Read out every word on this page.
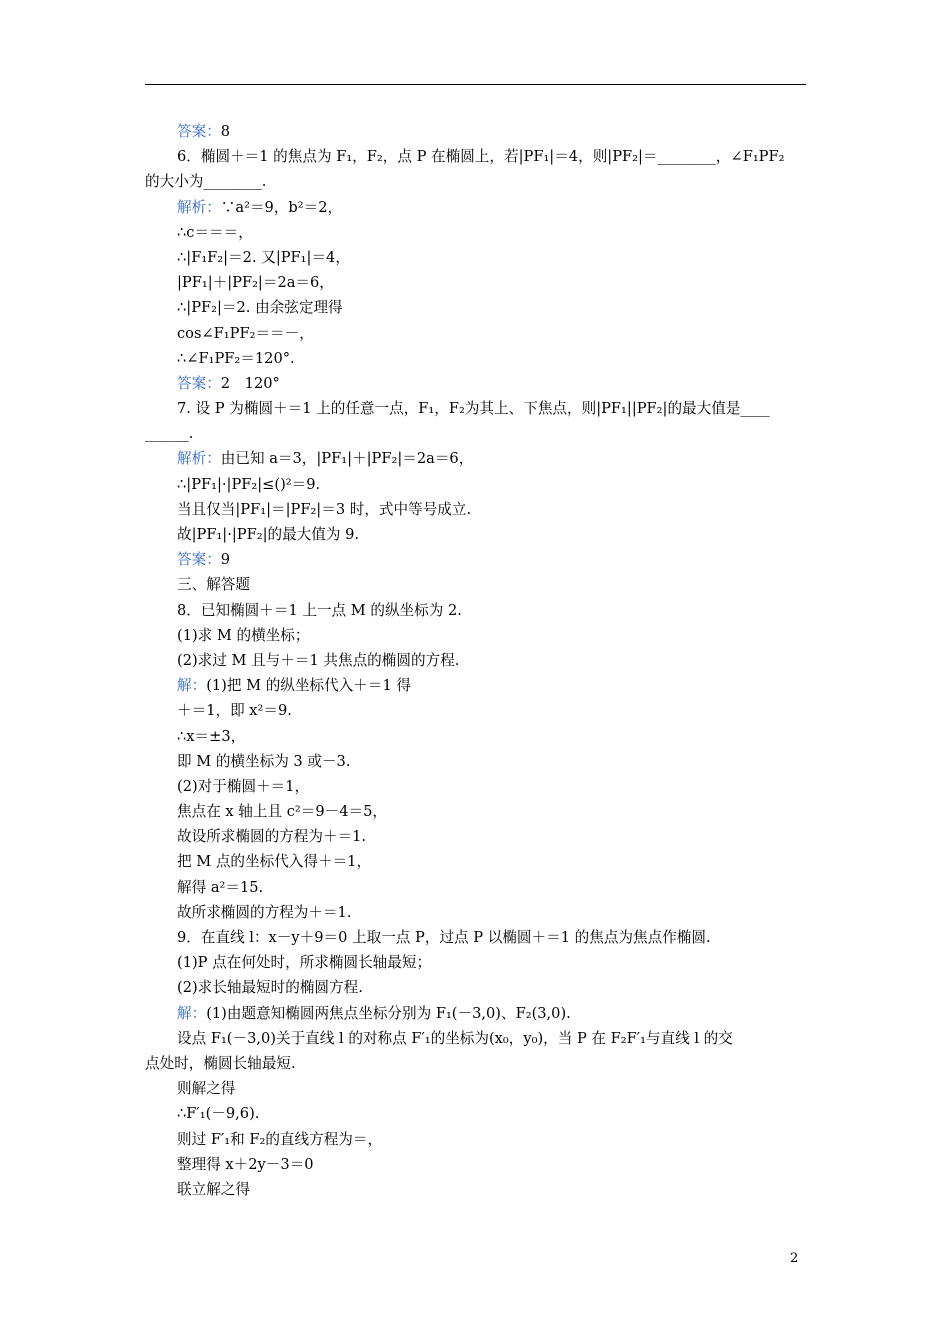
答案：8
6．椭圆＋＝1 的焦点为 F₁，F₂，点 P 在椭圆上，若|PF₁|＝4，则|PF₂|＝________，∠F₁PF₂
的大小为________.
解析：∵a²＝9，b²＝2，
∴c＝＝＝，
∴|F₁F₂|＝2. 又|PF₁|＝4，
|PF₁|＋|PF₂|＝2a＝6，
∴|PF₂|＝2. 由余弦定理得
cos∠F₁PF₂＝＝－，
∴∠F₁PF₂＝120°.
答案：2　120°
7. 设 P 为椭圆＋＝1 上的任意一点，F₁，F₂为其上、下焦点，则|PF₁||PF₂|的最大值是____
______.
解析：由已知 a＝3，|PF₁|＋|PF₂|＝2a＝6，
∴|PF₁|·|PF₂|≤()²＝9.
当且仅当|PF₁|＝|PF₂|＝3 时，式中等号成立.
故|PF₁|·|PF₂|的最大值为 9.
答案：9
三、解答题
8．已知椭圆＋＝1 上一点 M 的纵坐标为 2.
(1)求 M 的横坐标；
(2)求过 M 且与＋＝1 共焦点的椭圆的方程.
解：(1)把 M 的纵坐标代入＋＝1 得
＋＝1，即 x²＝9.
∴x＝±3，
即 M 的横坐标为 3 或－3.
(2)对于椭圆＋＝1，
焦点在 x 轴上且 c²＝9－4＝5，
故设所求椭圆的方程为＋＝1.
把 M 点的坐标代入得＋＝1，
解得 a²＝15.
故所求椭圆的方程为＋＝1.
9．在直线 l：x－y＋9＝0 上取一点 P，过点 P 以椭圆＋＝1 的焦点为焦点作椭圆.
(1)P 点在何处时，所求椭圆长轴最短；
(2)求长轴最短时的椭圆方程.
解：(1)由题意知椭圆两焦点坐标分别为 F₁(－3,0)、F₂(3,0).
设点 F₁(－3,0)关于直线 l 的对称点 F′₁的坐标为(x₀，y₀)，当 P 在 F₂F′₁与直线 l 的交
点处时，椭圆长轴最短.
则解之得
∴F′₁(－9,6).
则过 F′₁和 F₂的直线方程为＝，
整理得 x＋2y－3＝0
联立解之得
2
